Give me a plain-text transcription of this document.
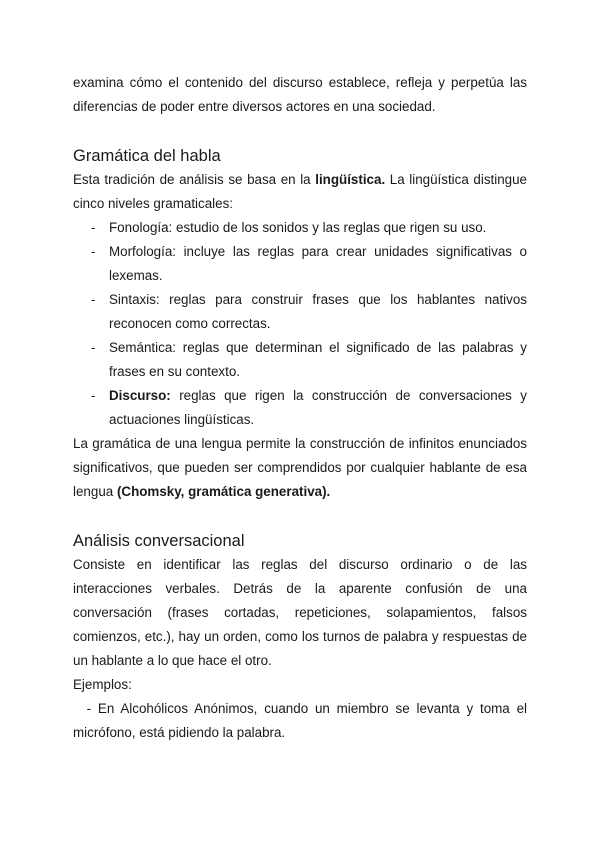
examina cómo el contenido del discurso establece, refleja y perpetúa las diferencias de poder entre diversos actores en una sociedad.

Gramática del habla

Esta tradición de análisis se basa en la lingüística. La lingüística distingue cinco niveles gramaticales:

- Fonología: estudio de los sonidos y las reglas que rigen su uso.
- Morfología: incluye las reglas para crear unidades significativas o lexemas.
- Sintaxis: reglas para construir frases que los hablantes nativos reconocen como correctas.
- Semántica: reglas que determinan el significado de las palabras y frases en su contexto.
- Discurso: reglas que rigen la construcción de conversaciones y actuaciones lingüísticas.

La gramática de una lengua permite la construcción de infinitos enunciados significativos, que pueden ser comprendidos por cualquier hablante de esa lengua (Chomsky, gramática generativa).

Análisis conversacional

Consiste en identificar las reglas del discurso ordinario o de las interacciones verbales. Detrás de la aparente confusión de una conversación (frases cortadas, repeticiones, solapamientos, falsos comienzos, etc.), hay un orden, como los turnos de palabra y respuestas de un hablante a lo que hace el otro.

Ejemplos:

- En Alcohólicos Anónimos, cuando un miembro se levanta y toma el micrófono, está pidiendo la palabra.
